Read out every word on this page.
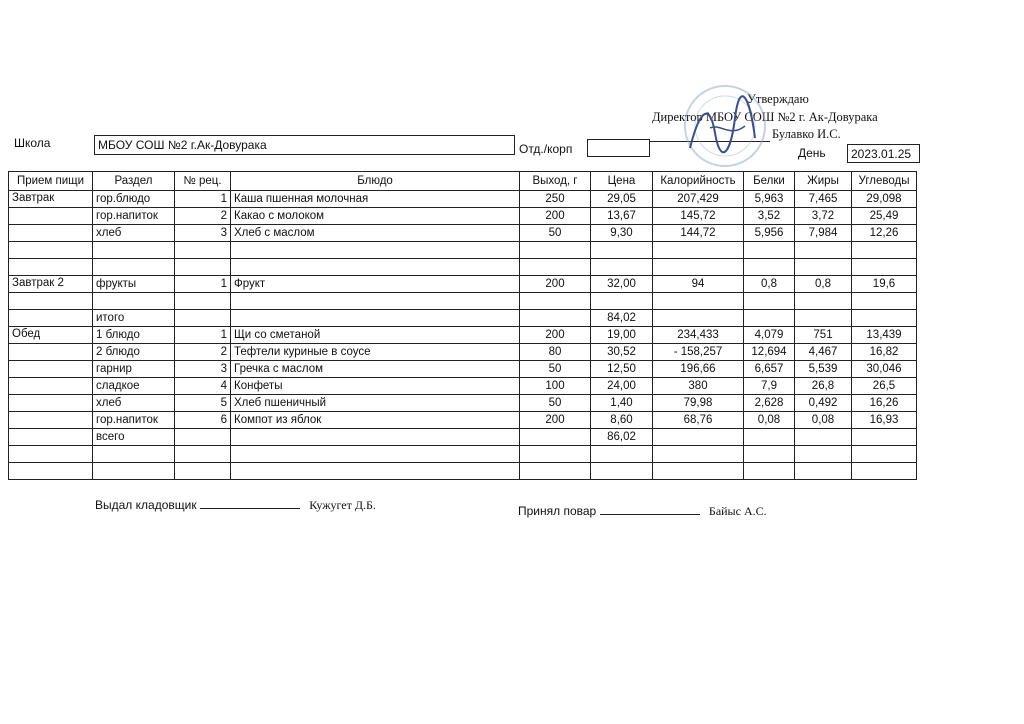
Утверждаю
Директор МБОУ СОШ №2 г. Ак-Довурака
Булавко И.С.
Школа	МБОУ СОШ №2 г.Ак-Довурака	Отд./корп	День	2023.01.25
Прием пищи	Раздел	№ рец.	Блюдо	Выход, г	Цена	Калорийность	Белки	Жиры	Углеводы
Завтрак	гор.блюдо	1	Каша пшенная молочная	250	29,05	207,429	5,963	7,465	29,098
	гор.напиток	2	Какао с молоком	200	13,67	145,72	3,52	3,72	25,49
	хлеб	3	Хлеб с маслом	50	9,30	144,72	5,956	7,984	12,26

Завтрак 2	фрукты	1	Фрукт	200	32,00	94	0,8	0,8	19,6

	итого				84,02				
Обед	1 блюдо	1	Щи со сметаной	200	19,00	234,433	4,079	751	13,439
	2 блюдо	2	Тефтели куриные в соусе	80	30,52	- 158,257	12,694	4,467	16,82
	гарнир	3	Гречка с маслом	50	12,50	196,66	6,657	5,539	30,046
	сладкое	4	Конфеты	100	24,00	380	7,9	26,8	26,5
	хлеб	5	Хлеб пшеничный	50	1,40	79,98	2,628	0,492	16,26
	гор.напиток	6	Компот из яблок	200	8,60	68,76	0,08	0,08	16,93
	всего				86,02				

Выдал кладовщик	Кужугет Д.Б.	Принял повар	Байыс А.С.
